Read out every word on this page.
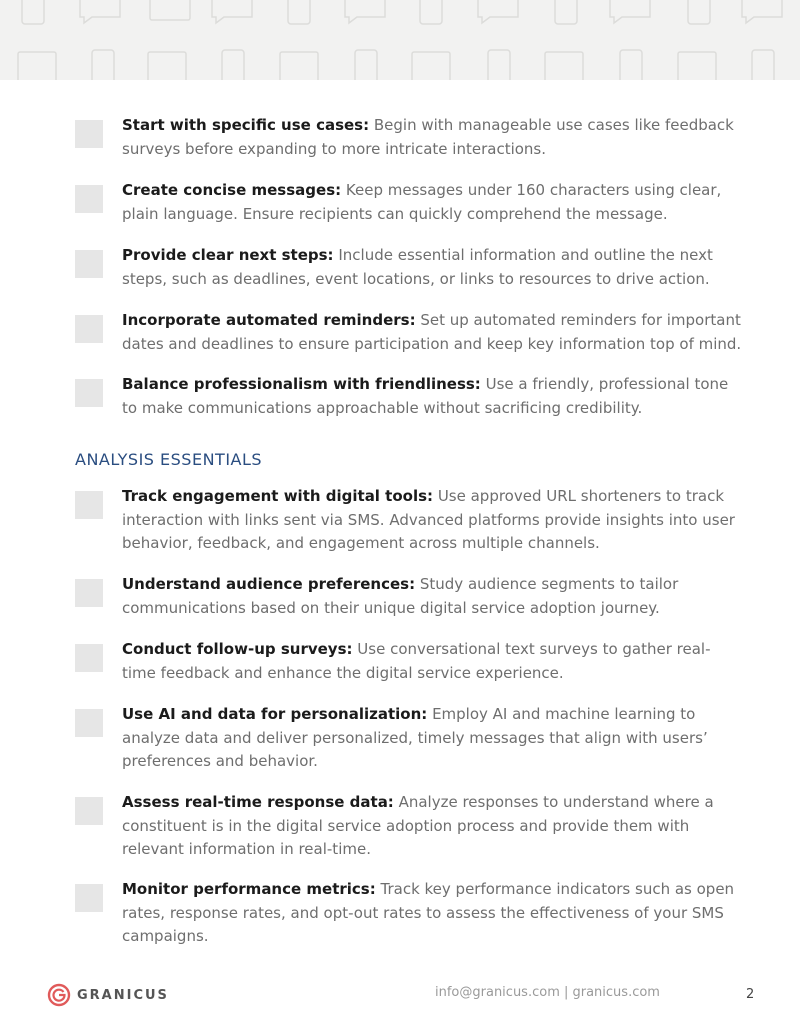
Start with specific use cases: Begin with manageable use cases like feedback surveys before expanding to more intricate interactions.
Create concise messages: Keep messages under 160 characters using clear, plain language. Ensure recipients can quickly comprehend the message.
Provide clear next steps: Include essential information and outline the next steps, such as deadlines, event locations, or links to resources to drive action.
Incorporate automated reminders: Set up automated reminders for important dates and deadlines to ensure participation and keep key information top of mind.
Balance professionalism with friendliness: Use a friendly, professional tone to make communications approachable without sacrificing credibility.
ANALYSIS ESSENTIALS
Track engagement with digital tools: Use approved URL shorteners to track interaction with links sent via SMS. Advanced platforms provide insights into user behavior, feedback, and engagement across multiple channels.
Understand audience preferences: Study audience segments to tailor communications based on their unique digital service adoption journey.
Conduct follow-up surveys: Use conversational text surveys to gather real-time feedback and enhance the digital service experience.
Use AI and data for personalization: Employ AI and machine learning to analyze data and deliver personalized, timely messages that align with users’ preferences and behavior.
Assess real-time response data: Analyze responses to understand where a constituent is in the digital service adoption process and provide them with relevant information in real-time.
Monitor performance metrics: Track key performance indicators such as open rates, response rates, and opt-out rates to assess the effectiveness of your SMS campaigns.
GRANICUS	info@granicus.com | granicus.com	2
